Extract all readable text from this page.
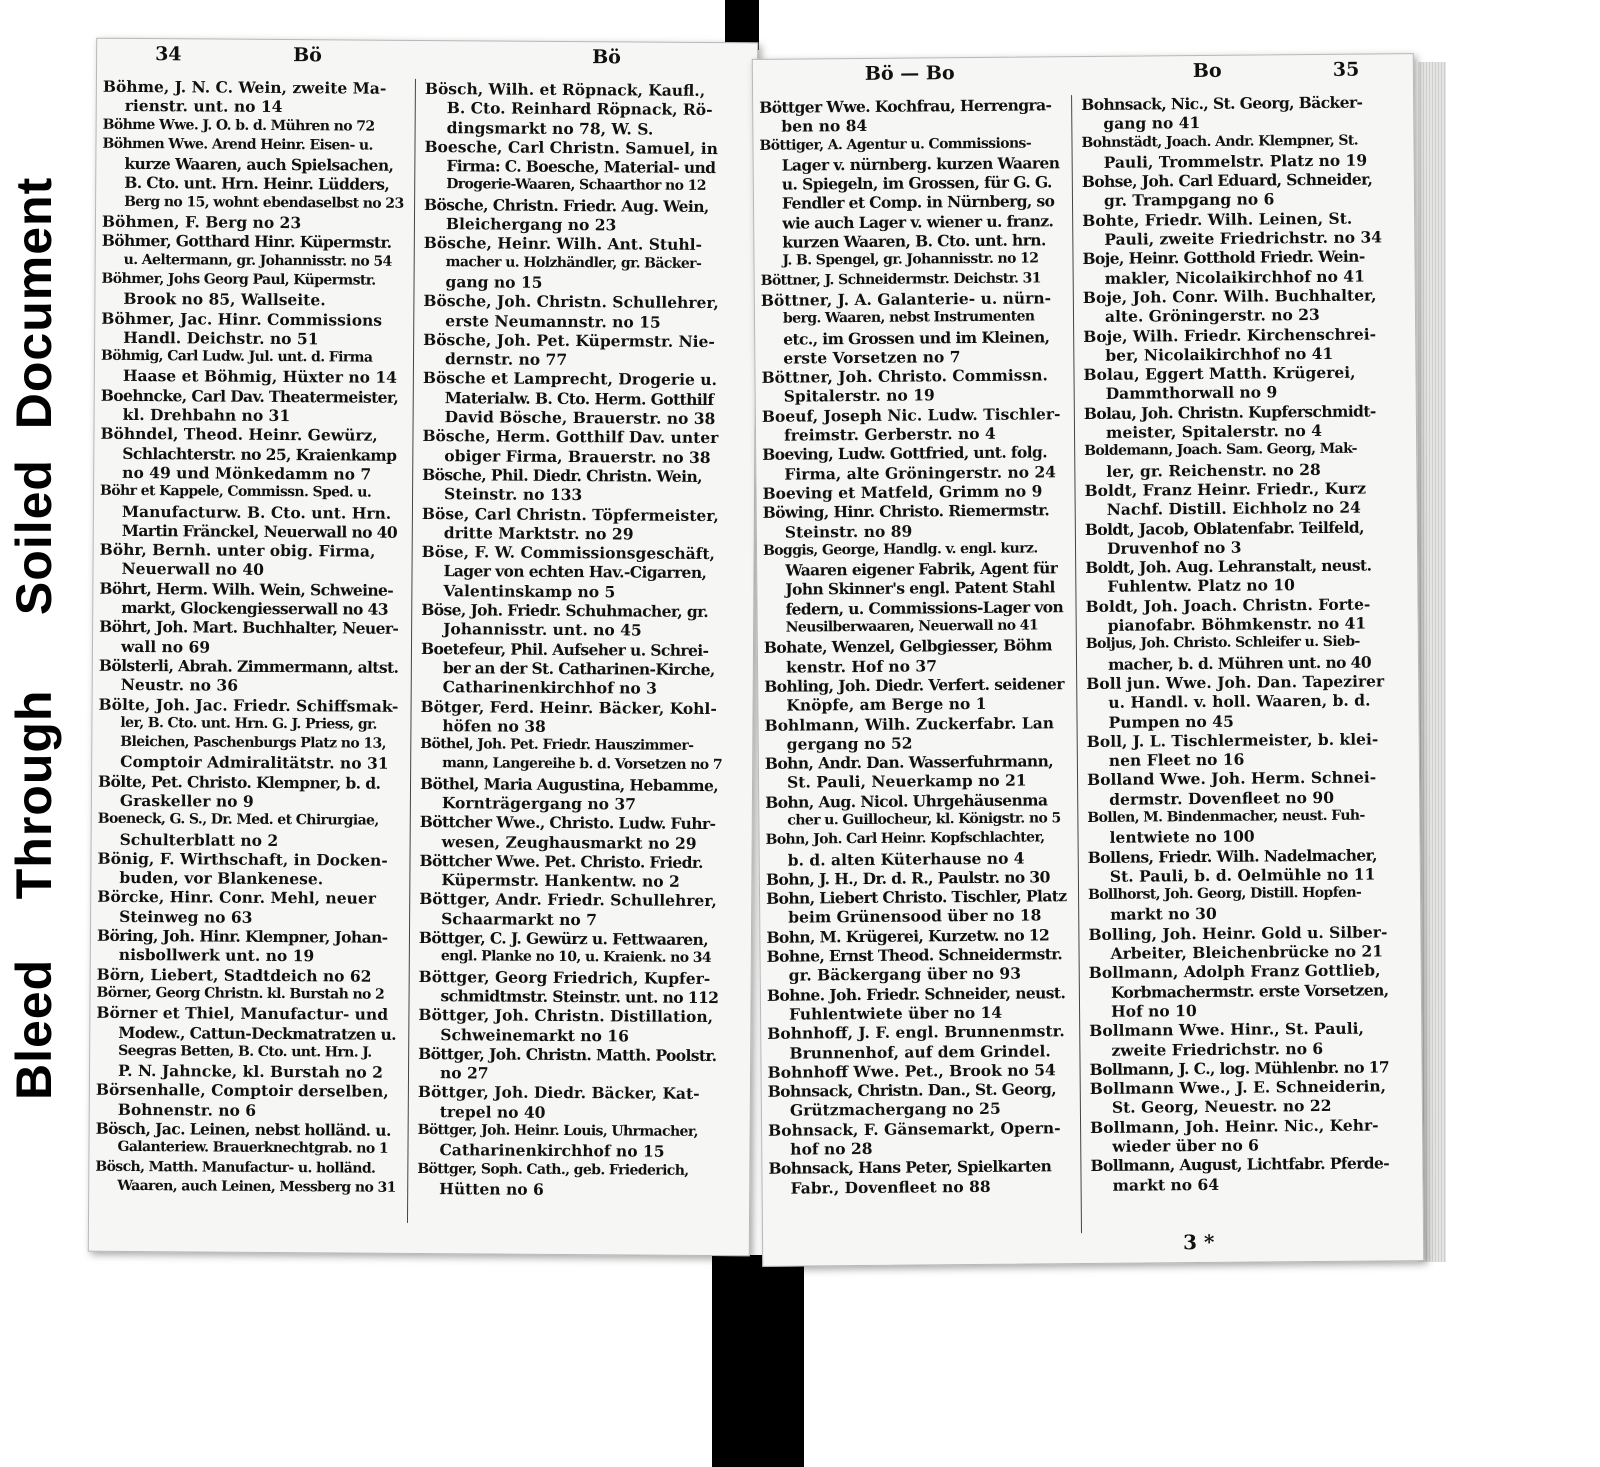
Bleed    Through     Soiled  Document
34	Bö	Bö

Böhme, J. N. C. Wein, zweite Ma-
rienstr. unt. no 14

Böhme Wwe. J. O. b. d. Mühren no 72

Böhmen Wwe. Arend Heinr. Eisen- u.
kurze Waaren, auch Spielsachen,
B. Cto. unt. Hrn. Heinr. Lüdders,
Berg no 15, wohnt ebendaselbst no 23

Böhmen, F. Berg no 23

Böhmer, Gotthard Hinr. Küpermstr.
u. Aeltermann, gr. Johannisstr. no 54

Böhmer, Johs Georg Paul, Küpermstr.
Brook no 85, Wallseite.

Böhmer, Jac. Hinr. Commissions
Handl. Deichstr. no 51

Böhmig, Carl Ludw. Jul. unt. d. Firma
Haase et Böhmig, Hüxter no 14

Boehncke, Carl Dav. Theatermeister,
kl. Drehbahn no 31

Böhndel, Theod. Heinr. Gewürz,
Schlachterstr. no 25, Kraienkamp
no 49 und Mönkedamm no 7

Böhr et Kappele, Commissn. Sped. u.
Manufacturw. B. Cto. unt. Hrn.
Martin Fränckel, Neuerwall no 40

Böhr, Bernh. unter obig. Firma,
Neuerwall no 40

Böhrt, Herm. Wilh. Wein, Schweine-
markt, Glockengiesserwall no 43

Böhrt, Joh. Mart. Buchhalter, Neuer-
wall no 69

Bölsterli, Abrah. Zimmermann, altst.
Neustr. no 36

Bölte, Joh. Jac. Friedr. Schiffsmak-
ler, B. Cto. unt. Hrn. G. J. Priess, gr.
Bleichen, Paschenburgs Platz no 13,
Comptoir Admiralitätstr. no 31

Bölte, Pet. Christo. Klempner, b. d.
Graskeller no 9

Boeneck, G. S., Dr. Med. et Chirurgiae,
Schulterblatt no 2

Bönig, F. Wirthschaft, in Docken-
buden, vor Blankenese.

Börcke, Hinr. Conr. Mehl, neuer
Steinweg no 63

Böring, Joh. Hinr. Klempner, Johan-
nisbollwerk unt. no 19

Börn, Liebert, Stadtdeich no 62

Börner, Georg Christn. kl. Burstah no 2

Börner et Thiel, Manufactur- und
Modew., Cattun-Deckmatratzen u.
Seegras Betten, B. Cto. unt. Hrn. J.
P. N. Jahncke, kl. Burstah no 2

Börsenhalle, Comptoir derselben,
Bohnenstr. no 6

Bösch, Jac. Leinen, nebst holländ. u.
Galanteriew. Brauerknechtgrab. no 1

Bösch, Matth. Manufactur- u. holländ.
Waaren, auch Leinen, Messberg no 31

Bösch, Wilh. et Röpnack, Kaufl.,
B. Cto. Reinhard Röpnack, Rö-
dingsmarkt no 78, W. S.

Boesche, Carl Christn. Samuel, in
Firma: C. Boesche, Material- und
Drogerie-Waaren, Schaarthor no 12

Bösche, Christn. Friedr. Aug. Wein,
Bleichergang no 23

Bösche, Heinr. Wilh. Ant. Stuhl-
macher u. Holzhändler, gr. Bäcker-
gang no 15

Bösche, Joh. Christn. Schullehrer,
erste Neumannstr. no 15

Bösche, Joh. Pet. Küpermstr. Nie-
dernstr. no 77

Bösche et Lamprecht, Drogerie u.
Materialw. B. Cto. Herm. Gotthilf
David Bösche, Brauerstr. no 38

Bösche, Herm. Gotthilf Dav. unter
obiger Firma, Brauerstr. no 38

Bösche, Phil. Diedr. Christn. Wein,
Steinstr. no 133

Böse, Carl Christn. Töpfermeister,
dritte Marktstr. no 29

Böse, F. W. Commissionsgeschäft,
Lager von echten Hav.-Cigarren,
Valentinskamp no 5

Böse, Joh. Friedr. Schuhmacher, gr.
Johannisstr. unt. no 45

Boetefeur, Phil. Aufseher u. Schrei-
ber an der St. Catharinen-Kirche,
Catharinenkirchhof no 3

Bötger, Ferd. Heinr. Bäcker, Kohl-
höfen no 38

Böthel, Joh. Pet. Friedr. Hauszimmer-
mann, Langereihe b. d. Vorsetzen no 7

Böthel, Maria Augustina, Hebamme,
Kornträgergang no 37

Böttcher Wwe., Christo. Ludw. Fuhr-
wesen, Zeughausmarkt no 29

Böttcher Wwe. Pet. Christo. Friedr.
Küpermstr. Hankentw. no 2

Böttger, Andr. Friedr. Schullehrer,
Schaarmarkt no 7

Böttger, C. J. Gewürz u. Fettwaaren,
engl. Planke no 10, u. Kraienk. no 34

Böttger, Georg Friedrich, Kupfer-
schmidtmstr. Steinstr. unt. no 112

Böttger, Joh. Christn. Distillation,
Schweinemarkt no 16

Böttger, Joh. Christn. Matth. Poolstr.
no 27

Böttger, Joh. Diedr. Bäcker, Kat-
trepel no 40

Böttger, Joh. Heinr. Louis, Uhrmacher,
Catharinenkirchhof no 15

Böttger, Soph. Cath., geb. Friederich,
Hütten no 6

Bö — Bo	Bo	35

Böttger Wwe. Kochfrau, Herrengra-
ben no 84

Böttiger, A. Agentur u. Commissions-
Lager v. nürnberg. kurzen Waaren
u. Spiegeln, im Grossen, für G. G.
Fendler et Comp. in Nürnberg, so
wie auch Lager v. wiener u. franz.
kurzen Waaren, B. Cto. unt. hrn.
J. B. Spengel, gr. Johannisstr. no 12

Böttner, J. Schneidermstr. Deichstr. 31

Böttner, J. A. Galanterie- u. nürn-
berg. Waaren, nebst Instrumenten
etc., im Grossen und im Kleinen,
erste Vorsetzen no 7

Böttner, Joh. Christo. Commissn.
Spitalerstr. no 19

Boeuf, Joseph Nic. Ludw. Tischler-
freimstr. Gerberstr. no 4

Boeving, Ludw. Gottfried, unt. folg.
Firma, alte Gröningerstr. no 24

Boeving et Matfeld, Grimm no 9

Böwing, Hinr. Christo. Riemermstr.
Steinstr. no 89

Boggis, George, Handlg. v. engl. kurz.
Waaren eigener Fabrik, Agent für
John Skinner's engl. Patent Stahl
federn, u. Commissions-Lager von
Neusilberwaaren, Neuerwall no 41

Bohate, Wenzel, Gelbgiesser, Böhm
kenstr. Hof no 37

Bohling, Joh. Diedr. Verfert. seidener
Knöpfe, am Berge no 1

Bohlmann, Wilh. Zuckerfabr. Lan
gergang no 52

Bohn, Andr. Dan. Wasserfuhrmann,
St. Pauli, Neuerkamp no 21

Bohn, Aug. Nicol. Uhrgehäusenma
cher u. Guillocheur, kl. Königstr. no 5

Bohn, Joh. Carl Heinr. Kopfschlachter,
b. d. alten Küterhause no 4

Bohn, J. H., Dr. d. R., Paulstr. no 30

Bohn, Liebert Christo. Tischler, Platz
beim Grünensood über no 18

Bohn, M. Krügerei, Kurzetw. no 12

Bohne, Ernst Theod. Schneidermstr.
gr. Bäckergang über no 93

Bohne. Joh. Friedr. Schneider, neust.
Fuhlentwiete über no 14

Bohnhoff, J. F. engl. Brunnenmstr.
Brunnenhof, auf dem Grindel.

Bohnhoff Wwe. Pet., Brook no 54

Bohnsack, Christn. Dan., St. Georg,
Grützmachergang no 25

Bohnsack, F. Gänsemarkt, Opern-
hof no 28

Bohnsack, Hans Peter, Spielkarten
Fabr., Dovenfleet no 88

Bohnsack, Nic., St. Georg, Bäcker-
gang no 41

Bohnstädt, Joach. Andr. Klempner, St.
Pauli, Trommelstr. Platz no 19

Bohse, Joh. Carl Eduard, Schneider,
gr. Trampgang no 6

Bohte, Friedr. Wilh. Leinen, St.
Pauli, zweite Friedrichstr. no 34

Boje, Heinr. Gotthold Friedr. Wein-
makler, Nicolaikirchhof no 41

Boje, Joh. Conr. Wilh. Buchhalter,
alte. Gröningerstr. no 23

Boje, Wilh. Friedr. Kirchenschrei-
ber, Nicolaikirchhof no 41

Bolau, Eggert Matth. Krügerei,
Dammthorwall no 9

Bolau, Joh. Christn. Kupferschmidt-
meister, Spitalerstr. no 4

Boldemann, Joach. Sam. Georg, Mak-
ler, gr. Reichenstr. no 28

Boldt, Franz Heinr. Friedr., Kurz
Nachf. Distill. Eichholz no 24

Boldt, Jacob, Oblatenfabr. Teilfeld,
Druvenhof no 3

Boldt, Joh. Aug. Lehranstalt, neust.
Fuhlentw. Platz no 10

Boldt, Joh. Joach. Christn. Forte-
pianofabr. Böhmkenstr. no 41

Boljus, Joh. Christo. Schleifer u. Sieb-
macher, b. d. Mühren unt. no 40

Boll jun. Wwe. Joh. Dan. Tapezirer
u. Handl. v. holl. Waaren, b. d.
Pumpen no 45

Boll, J. L. Tischlermeister, b. klei-
nen Fleet no 16

Bolland Wwe. Joh. Herm. Schnei-
dermstr. Dovenfleet no 90

Bollen, M. Bindenmacher, neust. Fuh-
lentwiete no 100

Bollens, Friedr. Wilh. Nadelmacher,
St. Pauli, b. d. Oelmühle no 11

Bollhorst, Joh. Georg, Distill. Hopfen-
markt no 30

Bolling, Joh. Heinr. Gold u. Silber-
Arbeiter, Bleichenbrücke no 21

Bollmann, Adolph Franz Gottlieb,
Korbmachermstr. erste Vorsetzen,
Hof no 10

Bollmann Wwe. Hinr., St. Pauli,
zweite Friedrichstr. no 6

Bollmann, J. C., log. Mühlenbr. no 17

Bollmann Wwe., J. E. Schneiderin,
St. Georg, Neuestr. no 22

Bollmann, Joh. Heinr. Nic., Kehr-
wieder über no 6

Bollmann, August, Lichtfabr. Pferde-
markt no 64

3 *
